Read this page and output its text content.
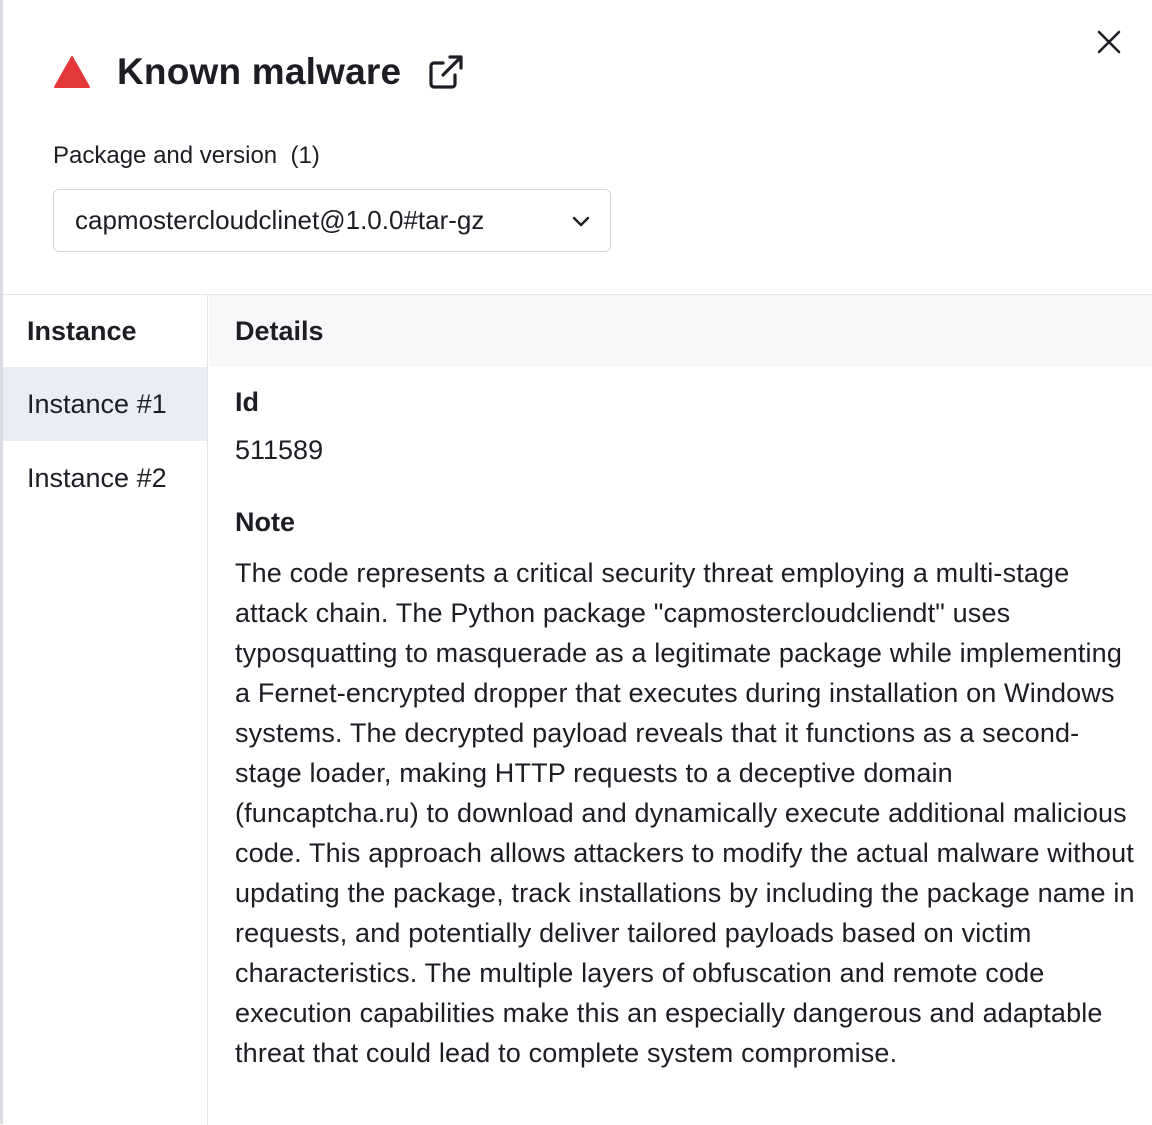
Known malware
Package and version  (1)
capmostercloudclinet@1.0.0#tar-gz
Instance
Instance #1
Instance #2
Details
Id
511589
Note
The code represents a critical security threat employing a multi-stage attack chain. The Python package "capmostercloudcliendt" uses typosquatting to masquerade as a legitimate package while implementing a Fernet-encrypted dropper that executes during installation on Windows systems. The decrypted payload reveals that it functions as a second-stage loader, making HTTP requests to a deceptive domain (funcaptcha.ru) to download and dynamically execute additional malicious code. This approach allows attackers to modify the actual malware without updating the package, track installations by including the package name in requests, and potentially deliver tailored payloads based on victim characteristics. The multiple layers of obfuscation and remote code execution capabilities make this an especially dangerous and adaptable threat that could lead to complete system compromise.
